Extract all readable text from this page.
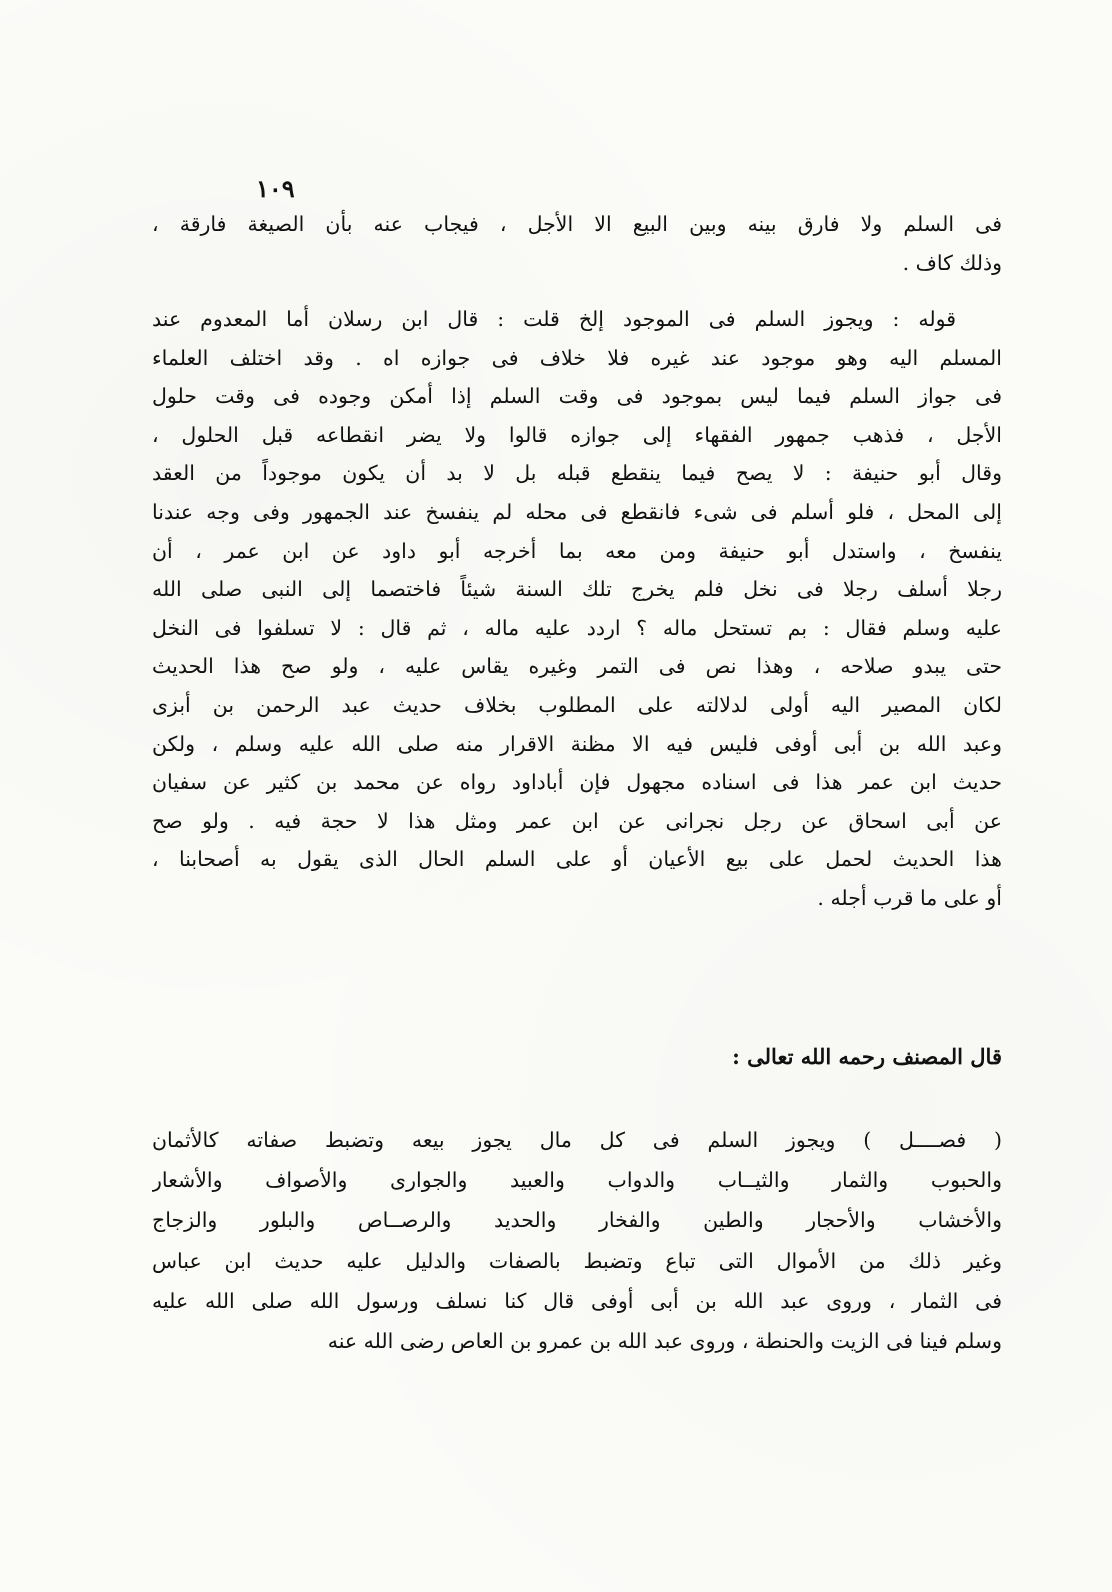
١٠٩
فى السلم ولا فارق بينه وبين البيع الا الأجل ، فيجاب عنه بأن الصيغة فارقة ،
وذلك كاف .
قوله : ويجوز السلم فى الموجود إلخ قلت : قال ابن رسلان أما المعدوم عند
المسلم اليه وهو موجود عند غيره فلا خلاف فى جوازه اه . وقد اختلف العلماء
فى جواز السلم فيما ليس بموجود فى وقت السلم إذا أمكن وجوده فى وقت حلول
الأجل ، فذهب جمهور الفقهاء إلى جوازه قالوا ولا يضر انقطاعه قبل الحلول ،
وقال أبو حنيفة : لا يصح فيما ينقطع قبله بل لا بد أن يكون موجوداً من العقد
إلى المحل ، فلو أسلم فى شىء فانقطع فى محله لم ينفسخ عند الجمهور وفى وجه عندنا
ينفسخ ، واستدل أبو حنيفة ومن معه بما أخرجه أبو داود عن ابن عمر ، أن
رجلا أسلف رجلا فى نخل فلم يخرج تلك السنة شيئاً فاختصما إلى النبى صلى الله
عليه وسلم فقال : بم تستحل ماله ؟ اردد عليه ماله ، ثم قال : لا تسلفوا فى النخل
حتى يبدو صلاحه ، وهذا نص فى التمر وغيره يقاس عليه ، ولو صح هذا الحديث
لكان المصير اليه أولى لدلالته على المطلوب بخلاف حديث عبد الرحمن بن أبزى
وعبد الله بن أبى أوفى فليس فيه الا مظنة الاقرار منه صلى الله عليه وسلم ، ولكن
حديث ابن عمر هذا فى اسناده مجهول فإن أباداود رواه عن محمد بن كثير عن سفيان
عن أبى اسحاق عن رجل نجرانى عن ابن عمر ومثل هذا لا حجة فيه . ولو صح
هذا الحديث لحمل على بيع الأعيان أو على السلم الحال الذى يقول به أصحابنا ،
أو على ما قرب أجله .
قال المصنف رحمه الله تعالى :
( فصــــل ) ويجوز السلم فى كل مال يجوز بيعه وتضبط صفاته كالأثمان
والحبوب والثمار والثيــاب والدواب والعبيد والجوارى والأصواف والأشعار
والأخشاب والأحجار والطين والفخار والحديد والرصــاص والبلور والزجاج
وغير ذلك من الأموال التى تباع وتضبط بالصفات والدليل عليه حديث ابن عباس
فى الثمار ، وروى عبد الله بن أبى أوفى قال كنا نسلف ورسول الله صلى الله عليه
وسلم فينا فى الزيت والحنطة ، وروى عبد الله بن عمرو بن العاص رضى الله عنه
